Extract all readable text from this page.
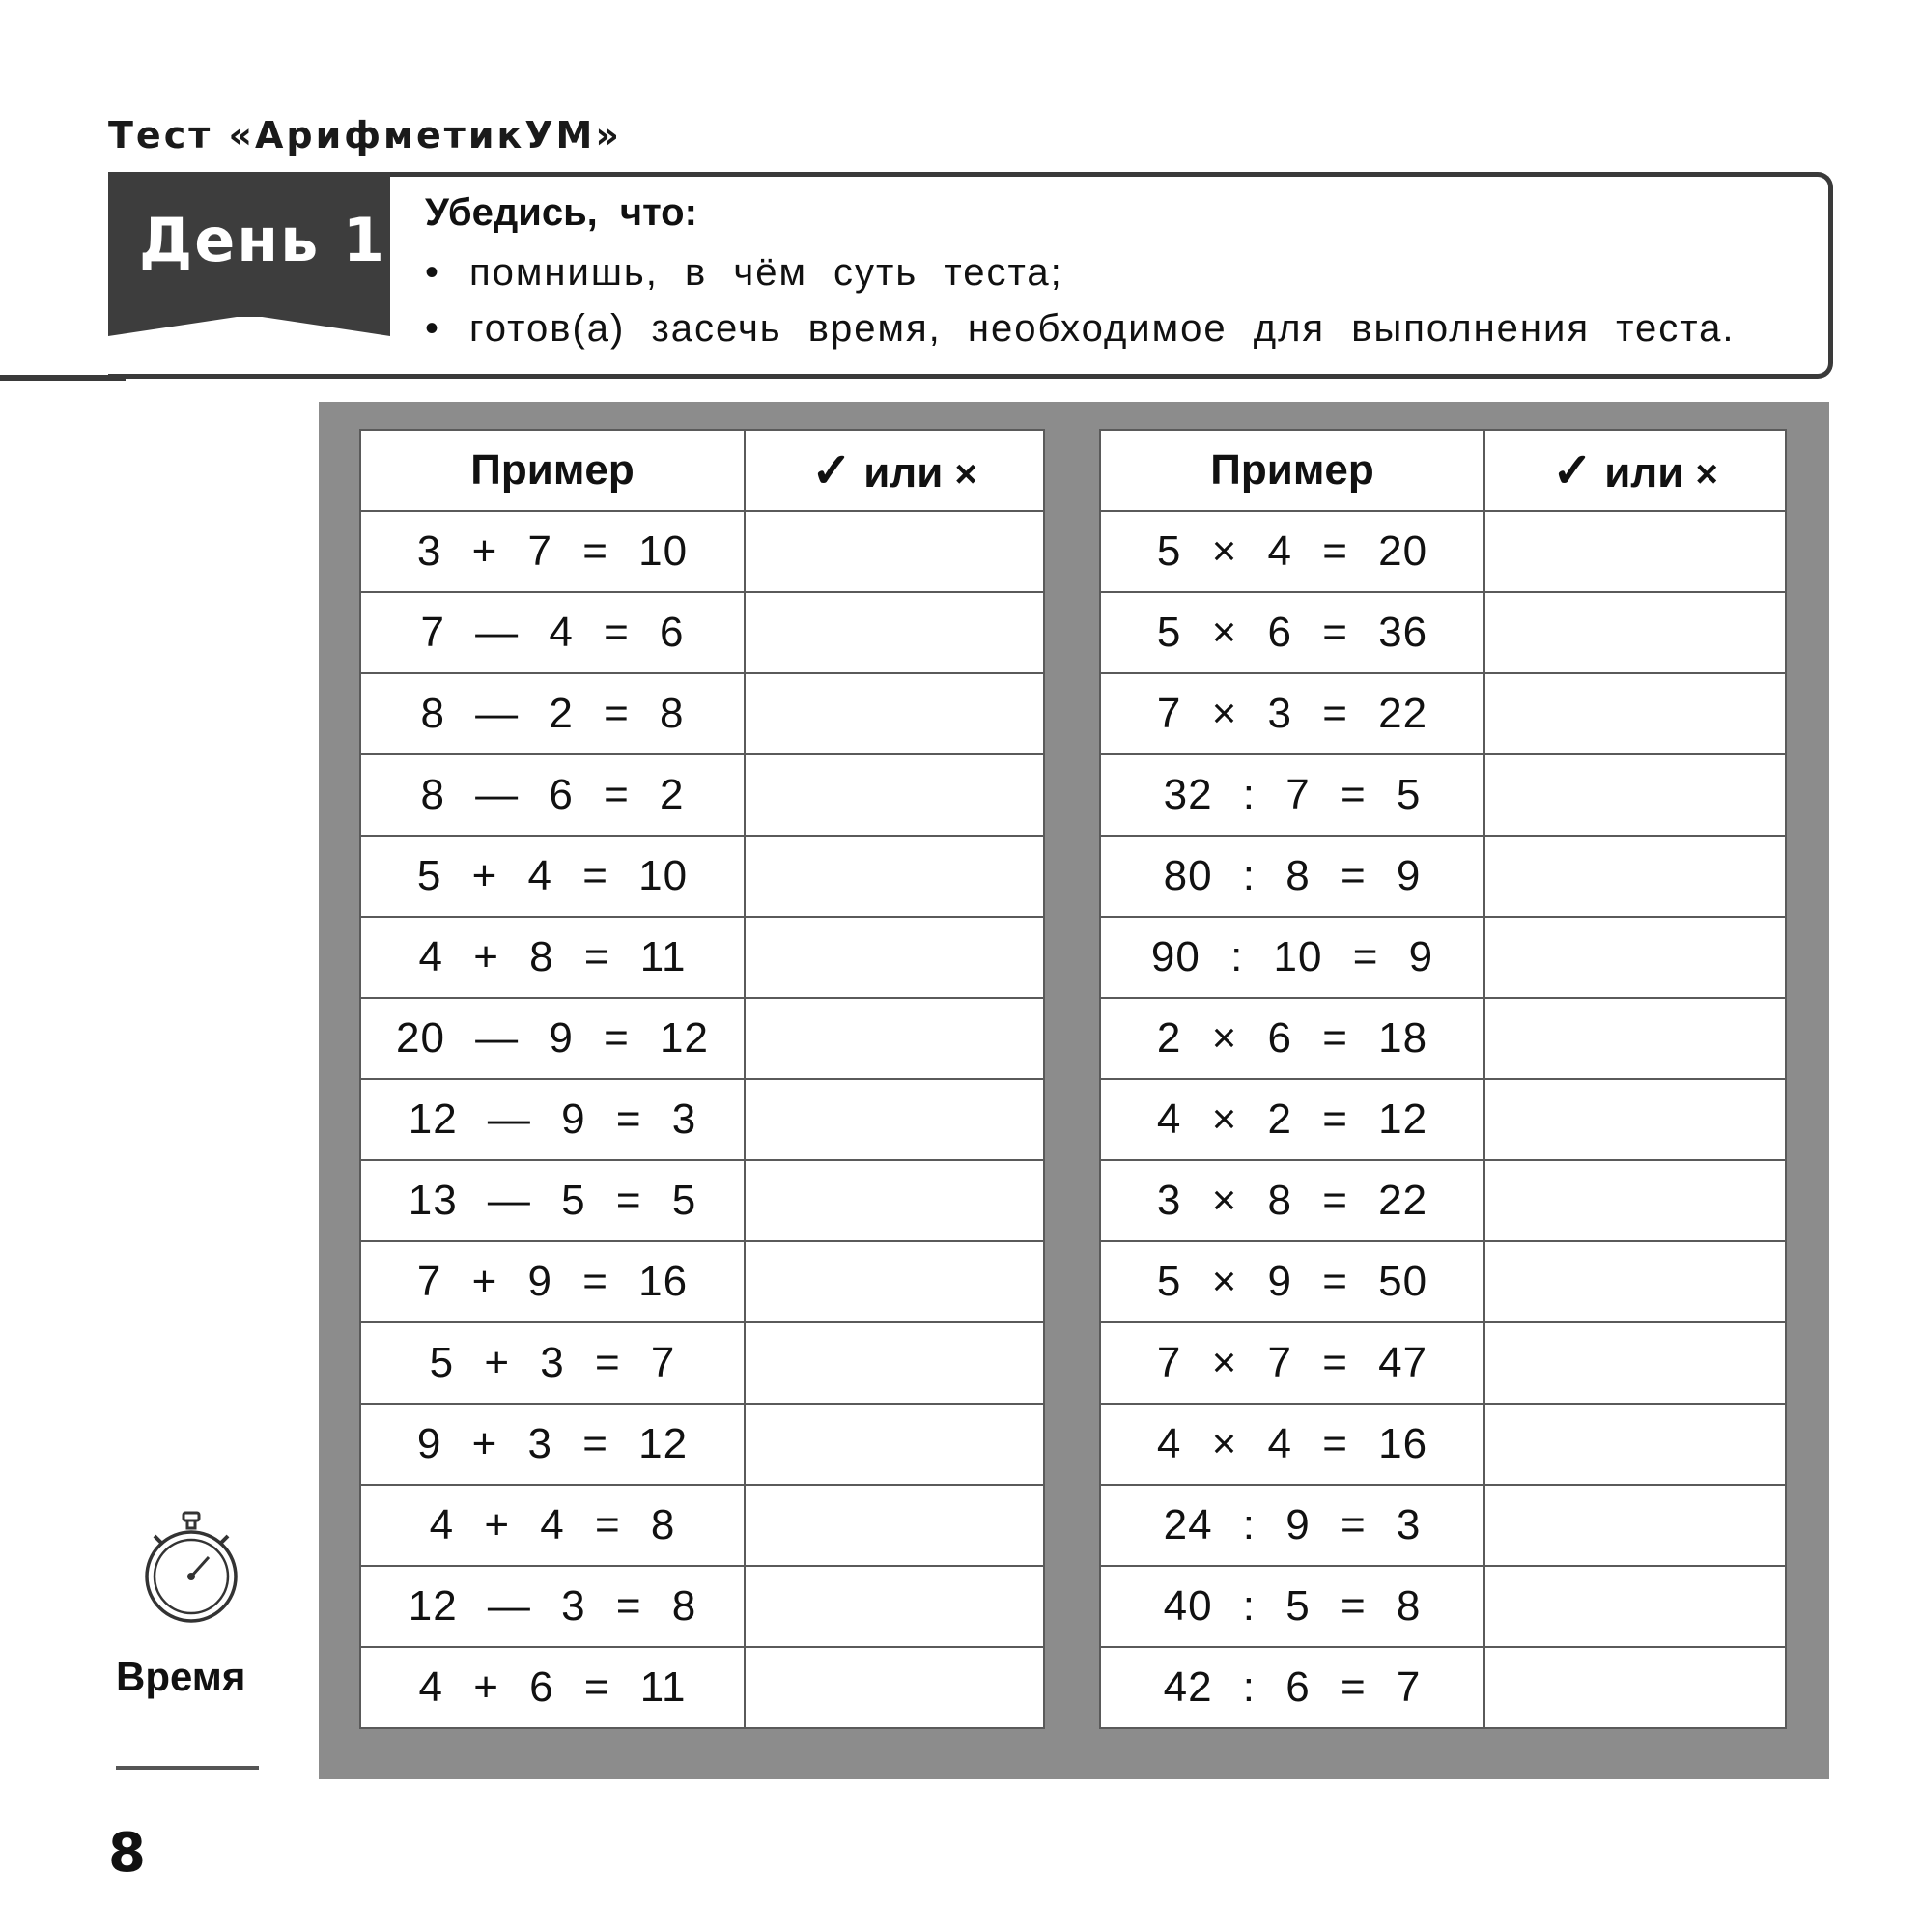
Тест «АрифметикУМ»
День 1 Убедись, что:
• помнишь, в чём суть теста;
• готов(а) засечь время, необходимое для выполнения теста.
Пример	✓ или ×
3 + 7 = 10	
7 — 4 = 6	
8 — 2 = 8	
8 — 6 = 2	
5 + 4 = 10	
4 + 8 = 11	
20 — 9 = 12	
12 — 9 = 3	
13 — 5 = 5	
7 + 9 = 16	
5 + 3 = 7	
9 + 3 = 12	
4 + 4 = 8	
12 — 3 = 8	
4 + 6 = 11	
Пример	✓ или ×
5 × 4 = 20	
5 × 6 = 36	
7 × 3 = 22	
32 : 7 = 5	
80 : 8 = 9	
90 : 10 = 9	
2 × 6 = 18	
4 × 2 = 12	
3 × 8 = 22	
5 × 9 = 50	
7 × 7 = 47	
4 × 4 = 16	
24 : 9 = 3	
40 : 5 = 8	
42 : 6 = 7	
Время
8
